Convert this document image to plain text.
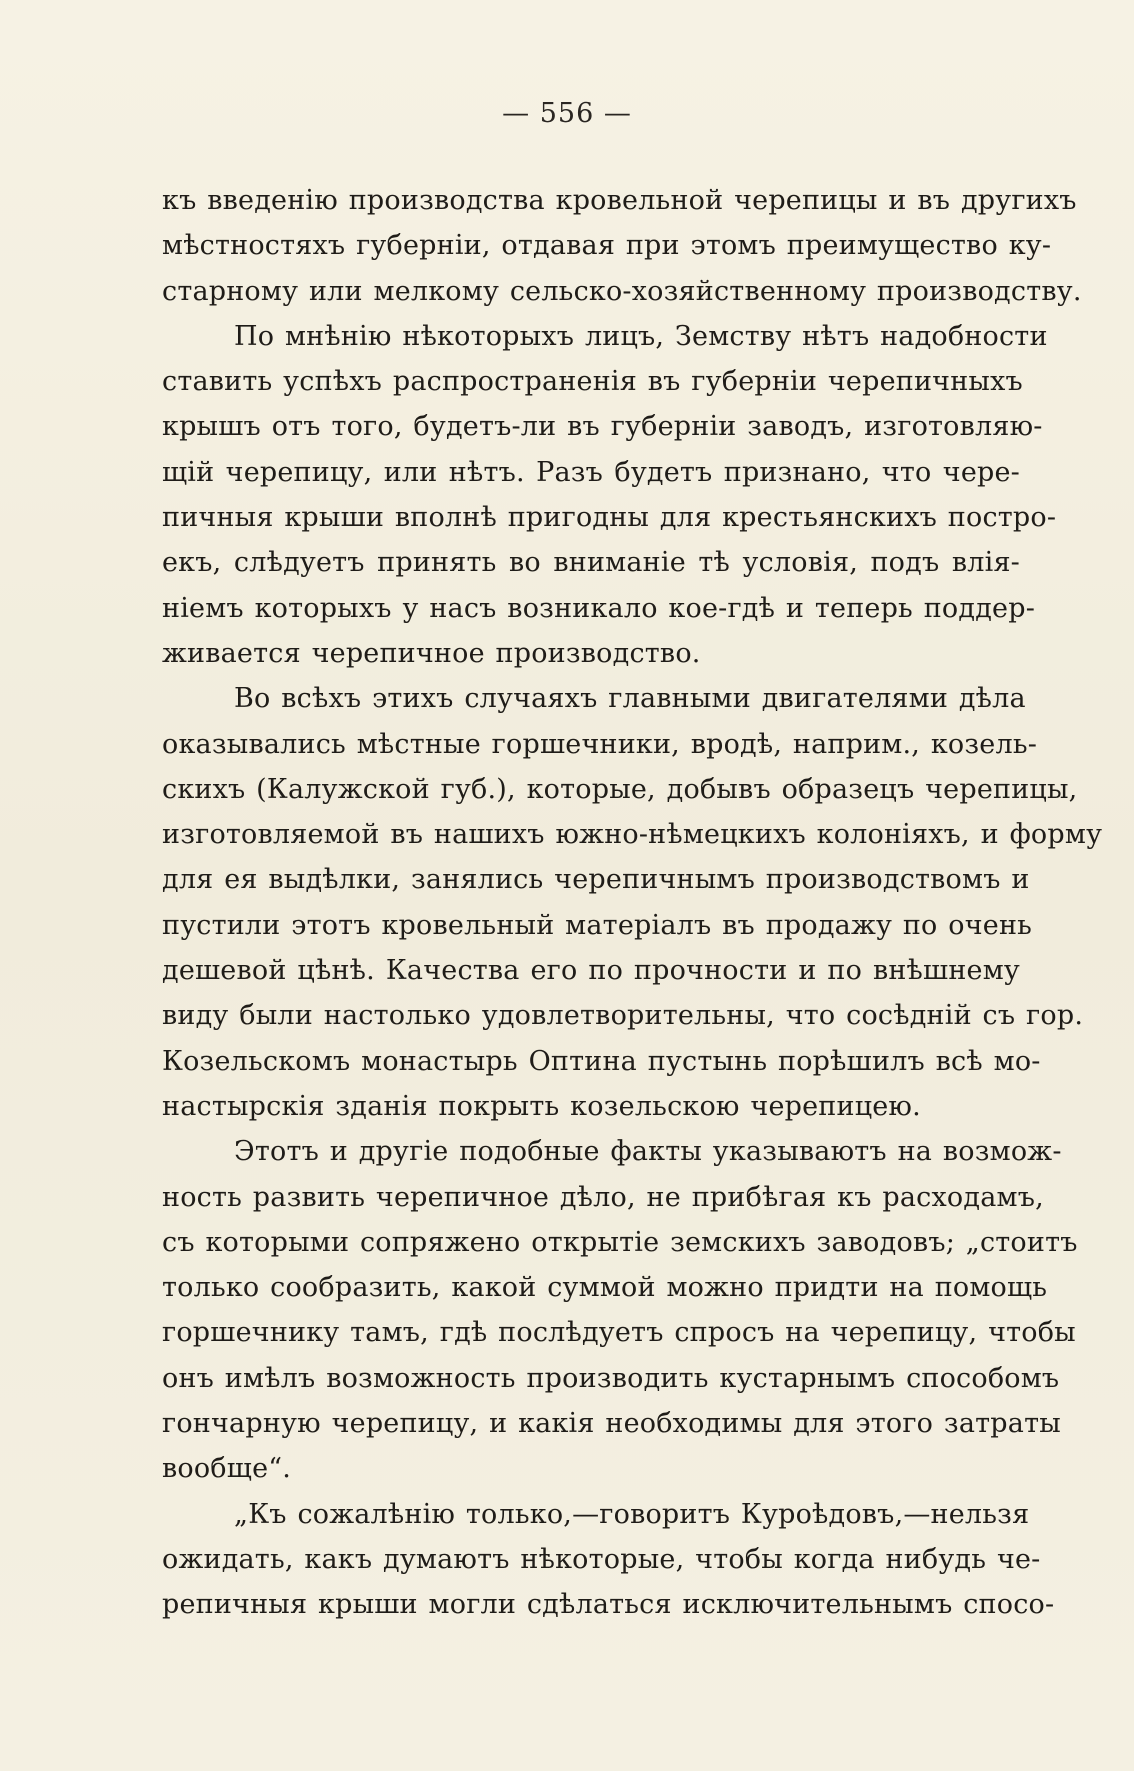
— 556 —
къ введенію производства кровельной черепицы и въ другихъ
мѣстностяхъ губерніи, отдавая при этомъ преимущество ку-
старному или мелкому сельско-хозяйственному производству.
По мнѣнію нѣкоторыхъ лицъ, Земству нѣтъ надобности
ставить успѣхъ распространенія въ губерніи черепичныхъ
крышъ отъ того, будетъ-ли въ губерніи заводъ, изготовляю-
щій черепицу, или нѣтъ. Разъ будетъ признано, что чере-
пичныя крыши вполнѣ пригодны для крестьянскихъ постро-
екъ, слѣдуетъ принять во вниманіе тѣ условія, подъ влія-
ніемъ которыхъ у насъ возникало кое-гдѣ и теперь поддер-
живается черепичное производство.
Во всѣхъ этихъ случаяхъ главными двигателями дѣла
оказывались мѣстные горшечники, вродѣ, наприм., козель-
скихъ (Калужской губ.), которые, добывъ образецъ черепицы,
изготовляемой въ нашихъ южно-нѣмецкихъ колоніяхъ, и форму
для ея выдѣлки, занялись черепичнымъ производствомъ и
пустили этотъ кровельный матеріалъ въ продажу по очень
дешевой цѣнѣ. Качества его по прочности и по внѣшнему
виду были настолько удовлетворительны, что сосѣдній съ гор.
Козельскомъ монастырь Оптина пустынь порѣшилъ всѣ мо-
настырскія зданія покрыть козельскою черепицею.
Этотъ и другіе подобные факты указываютъ на возмож-
ность развить черепичное дѣло, не прибѣгая къ расходамъ,
съ которыми сопряжено открытіе земскихъ заводовъ; „стоитъ
только сообразить, какой суммой можно придти на помощь
горшечнику тамъ, гдѣ послѣдуетъ спросъ на черепицу, чтобы
онъ имѣлъ возможность производить кустарнымъ способомъ
гончарную черепицу, и какія необходимы для этого затраты
вообще“.
„Къ сожалѣнію только,—говоритъ Куроѣдовъ,—нельзя
ожидать, какъ думаютъ нѣкоторые, чтобы когда нибудь че-
репичныя крыши могли сдѣлаться исключительнымъ спосо-
